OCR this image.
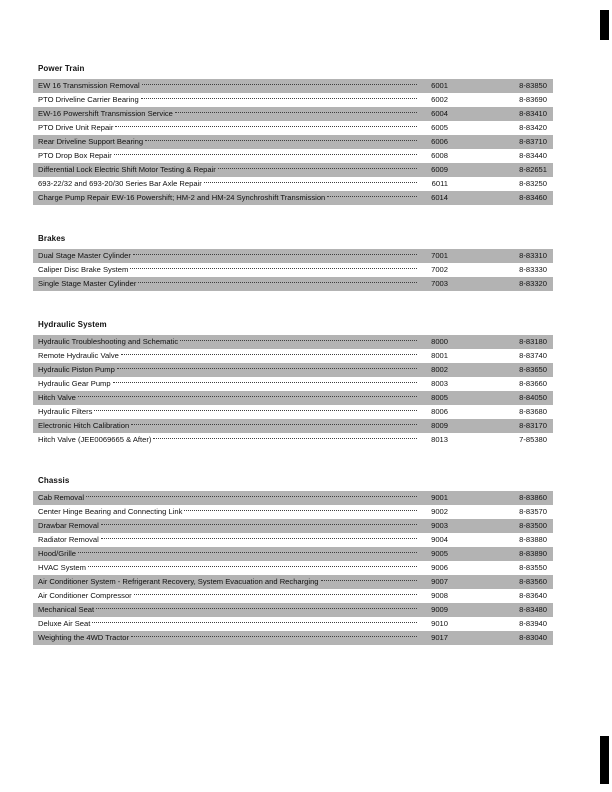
Power Train
EW 16 Transmission Removal	6001	8-83850
PTO Driveline Carrier Bearing	6002	8-83690
EW-16 Powershift Transmission Service	6004	8-83410
PTO Drive Unit Repair	6005	8-83420
Rear Driveline Support Bearing	6006	8-83710
PTO Drop Box Repair	6008	8-83440
Differential Lock Electric Shift Motor Testing & Repair	6009	8-82651
693-22/32 and 693-20/30 Series Bar Axle Repair	6011	8-83250
Charge Pump Repair EW-16 Powershift; HM-2 and HM-24 Synchroshift Transmission	6014	8-83460
Brakes
Dual Stage Master Cylinder	7001	8-83310
Caliper Disc Brake System	7002	8-83330
Single Stage Master Cylinder	7003	8-83320
Hydraulic System
Hydraulic Troubleshooting and Schematic	8000	8-83180
Remote Hydraulic Valve	8001	8-83740
Hydraulic Piston Pump	8002	8-83650
Hydraulic Gear Pump	8003	8-83660
Hitch Valve	8005	8-84050
Hydraulic Filters	8006	8-83680
Electronic Hitch Calibration	8009	8-83170
Hitch Valve (JEE0069665 & After)	8013	7-85380
Chassis
Cab Removal	9001	8-83860
Center Hinge Bearing and Connecting Link	9002	8-83570
Drawbar Removal	9003	8-83500
Radiator Removal	9004	8-83880
Hood/Grille	9005	8-83890
HVAC System	9006	8-83550
Air Conditioner System - Refrigerant Recovery, System Evacuation and Recharging	9007	8-83560
Air Conditioner Compressor	9008	8-83640
Mechanical Seat	9009	8-83480
Deluxe Air Seat	9010	8-83940
Weighting the 4WD Tractor	9017	8-83040
